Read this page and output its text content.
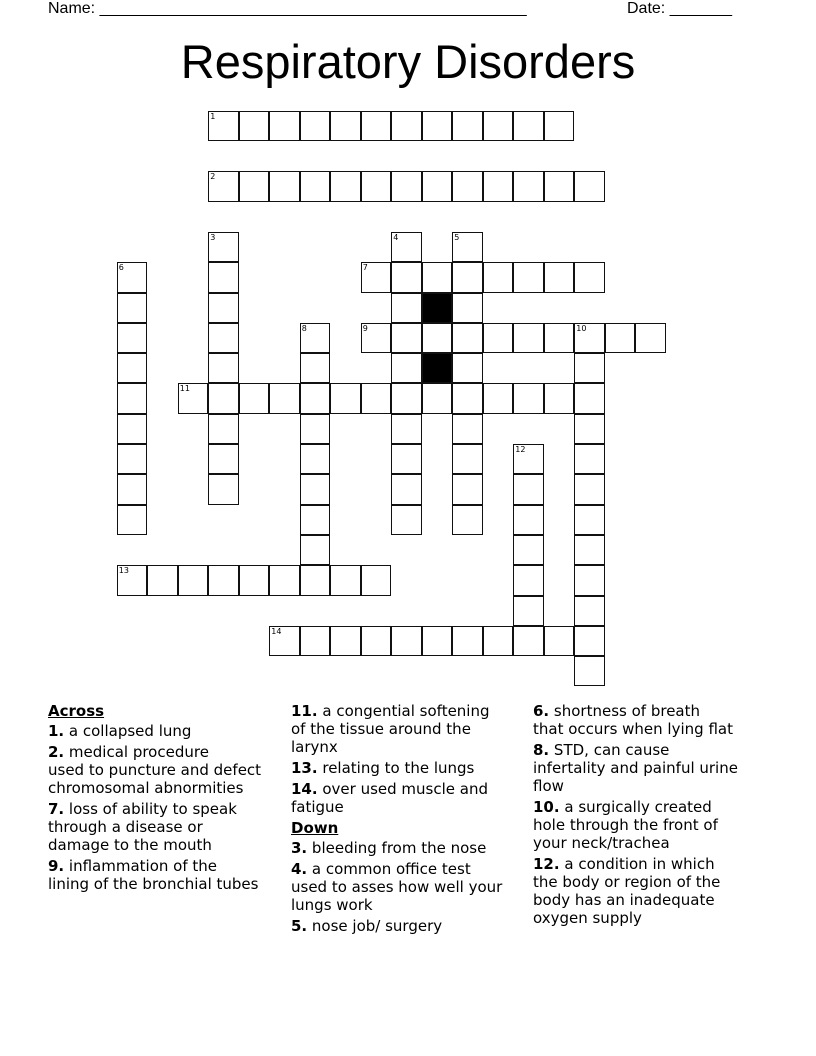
Name: ________________________________________________	Date: _______
Respiratory Disorders
1
2
3	4	5
6	7
8	9	10
11
12
13
14
Across
1. a collapsed lung
2. medical procedure
used to puncture and defect
chromosomal abnormities
7. loss of ability to speak
through a disease or
damage to the mouth
9. inflammation of the
lining of the bronchial tubes
11. a congential softening
of the tissue around the
larynx
13. relating to the lungs
14. over used muscle and
fatigue
Down
3. bleeding from the nose
4. a common office test
used to asses how well your
lungs work
5. nose job/ surgery
6. shortness of breath
that occurs when lying flat
8. STD, can cause
infertality and painful urine
flow
10. a surgically created
hole through the front of
your neck/trachea
12. a condition in which
the body or region of the
body has an inadequate
oxygen supply
